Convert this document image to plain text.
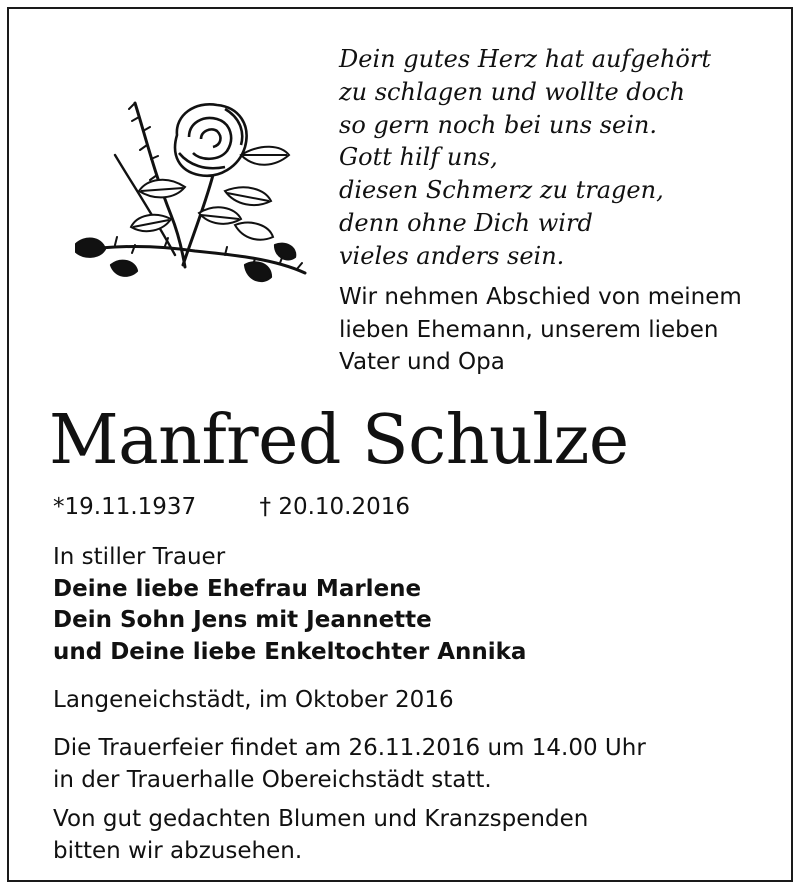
Dein gutes Herz hat aufgehört
zu schlagen und wollte doch
so gern noch bei uns sein.
Gott hilf uns,
diesen Schmerz zu tragen,
denn ohne Dich wird
vieles anders sein.
Wir nehmen Abschied von meinem
lieben Ehemann, unserem lieben
Vater und Opa
Manfred Schulze
*19.11.1937	† 20.10.2016
In stiller Trauer
Deine liebe Ehefrau Marlene
Dein Sohn Jens mit Jeannette
und Deine liebe Enkeltochter Annika
Langeneichstädt, im Oktober 2016
Die Trauerfeier findet am 26.11.2016 um 14.00 Uhr
in der Trauerhalle Obereichstädt statt.
Von gut gedachten Blumen und Kranzspenden
bitten wir abzusehen.
